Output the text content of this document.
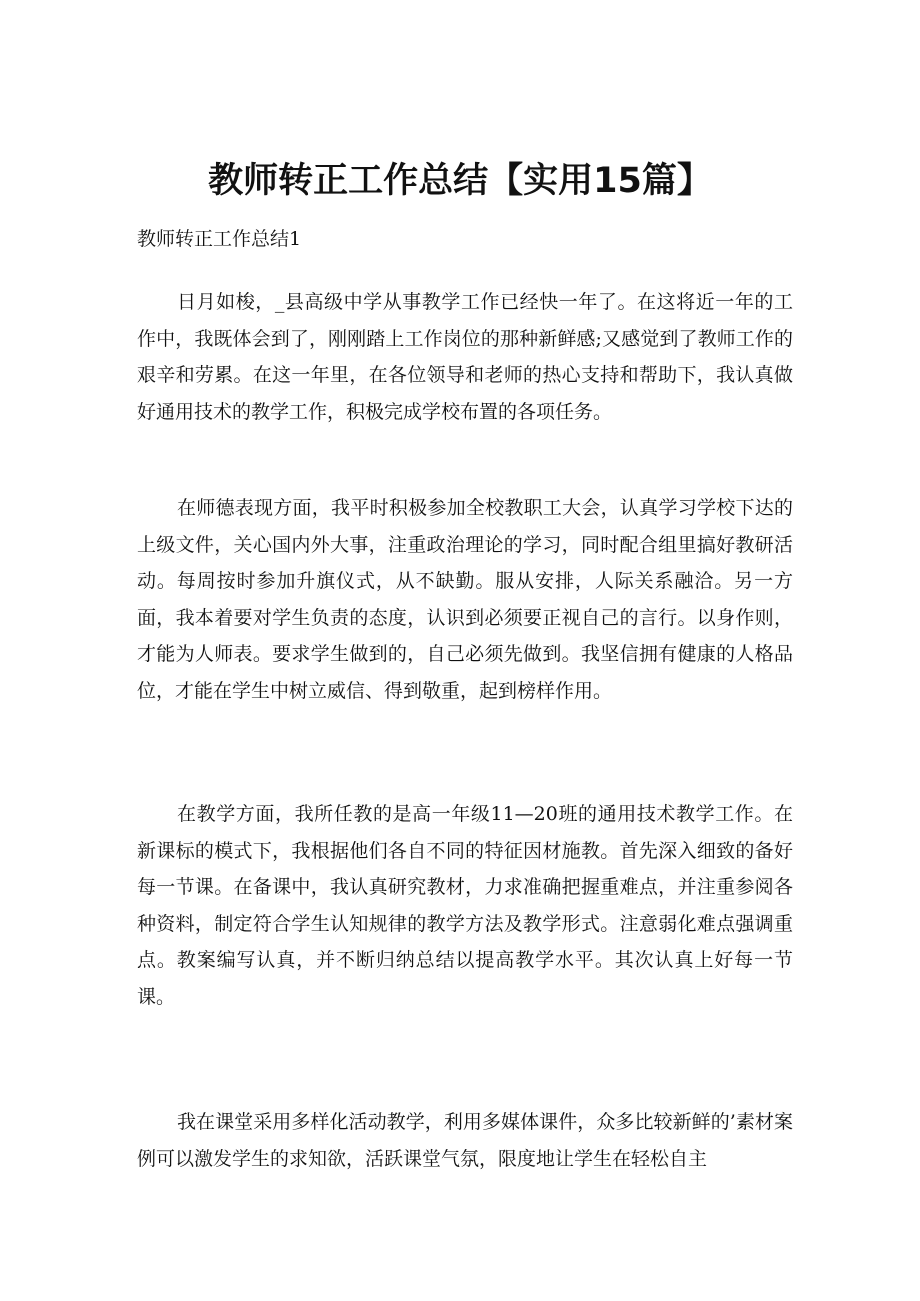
教师转正工作总结【实用15篇】
教师转正工作总结1

日月如梭，_县高级中学从事教学工作已经快一年了。在这将近一年的工作中，我既体会到了，刚刚踏上工作岗位的那种新鲜感;又感觉到了教师工作的艰辛和劳累。在这一年里，在各位领导和老师的热心支持和帮助下，我认真做好通用技术的教学工作，积极完成学校布置的各项任务。

在师德表现方面，我平时积极参加全校教职工大会，认真学习学校下达的上级文件，关心国内外大事，注重政治理论的学习，同时配合组里搞好教研活动。每周按时参加升旗仪式，从不缺勤。服从安排，人际关系融洽。另一方面，我本着要对学生负责的态度，认识到必须要正视自己的言行。以身作则，才能为人师表。要求学生做到的，自己必须先做到。我坚信拥有健康的人格品位，才能在学生中树立威信、得到敬重，起到榜样作用。

在教学方面，我所任教的是高一年级11—20班的通用技术教学工作。在新课标的模式下，我根据他们各自不同的特征因材施教。首先深入细致的备好每一节课。在备课中，我认真研究教材，力求准确把握重难点，并注重参阅各种资料，制定符合学生认知规律的教学方法及教学形式。注意弱化难点强调重点。教案编写认真，并不断归纳总结以提高教学水平。其次认真上好每一节课。

我在课堂采用多样化活动教学，利用多媒体课件，众多比较新鲜的’素材案例可以激发学生的求知欲，活跃课堂气氛，限度地让学生在轻松自主
